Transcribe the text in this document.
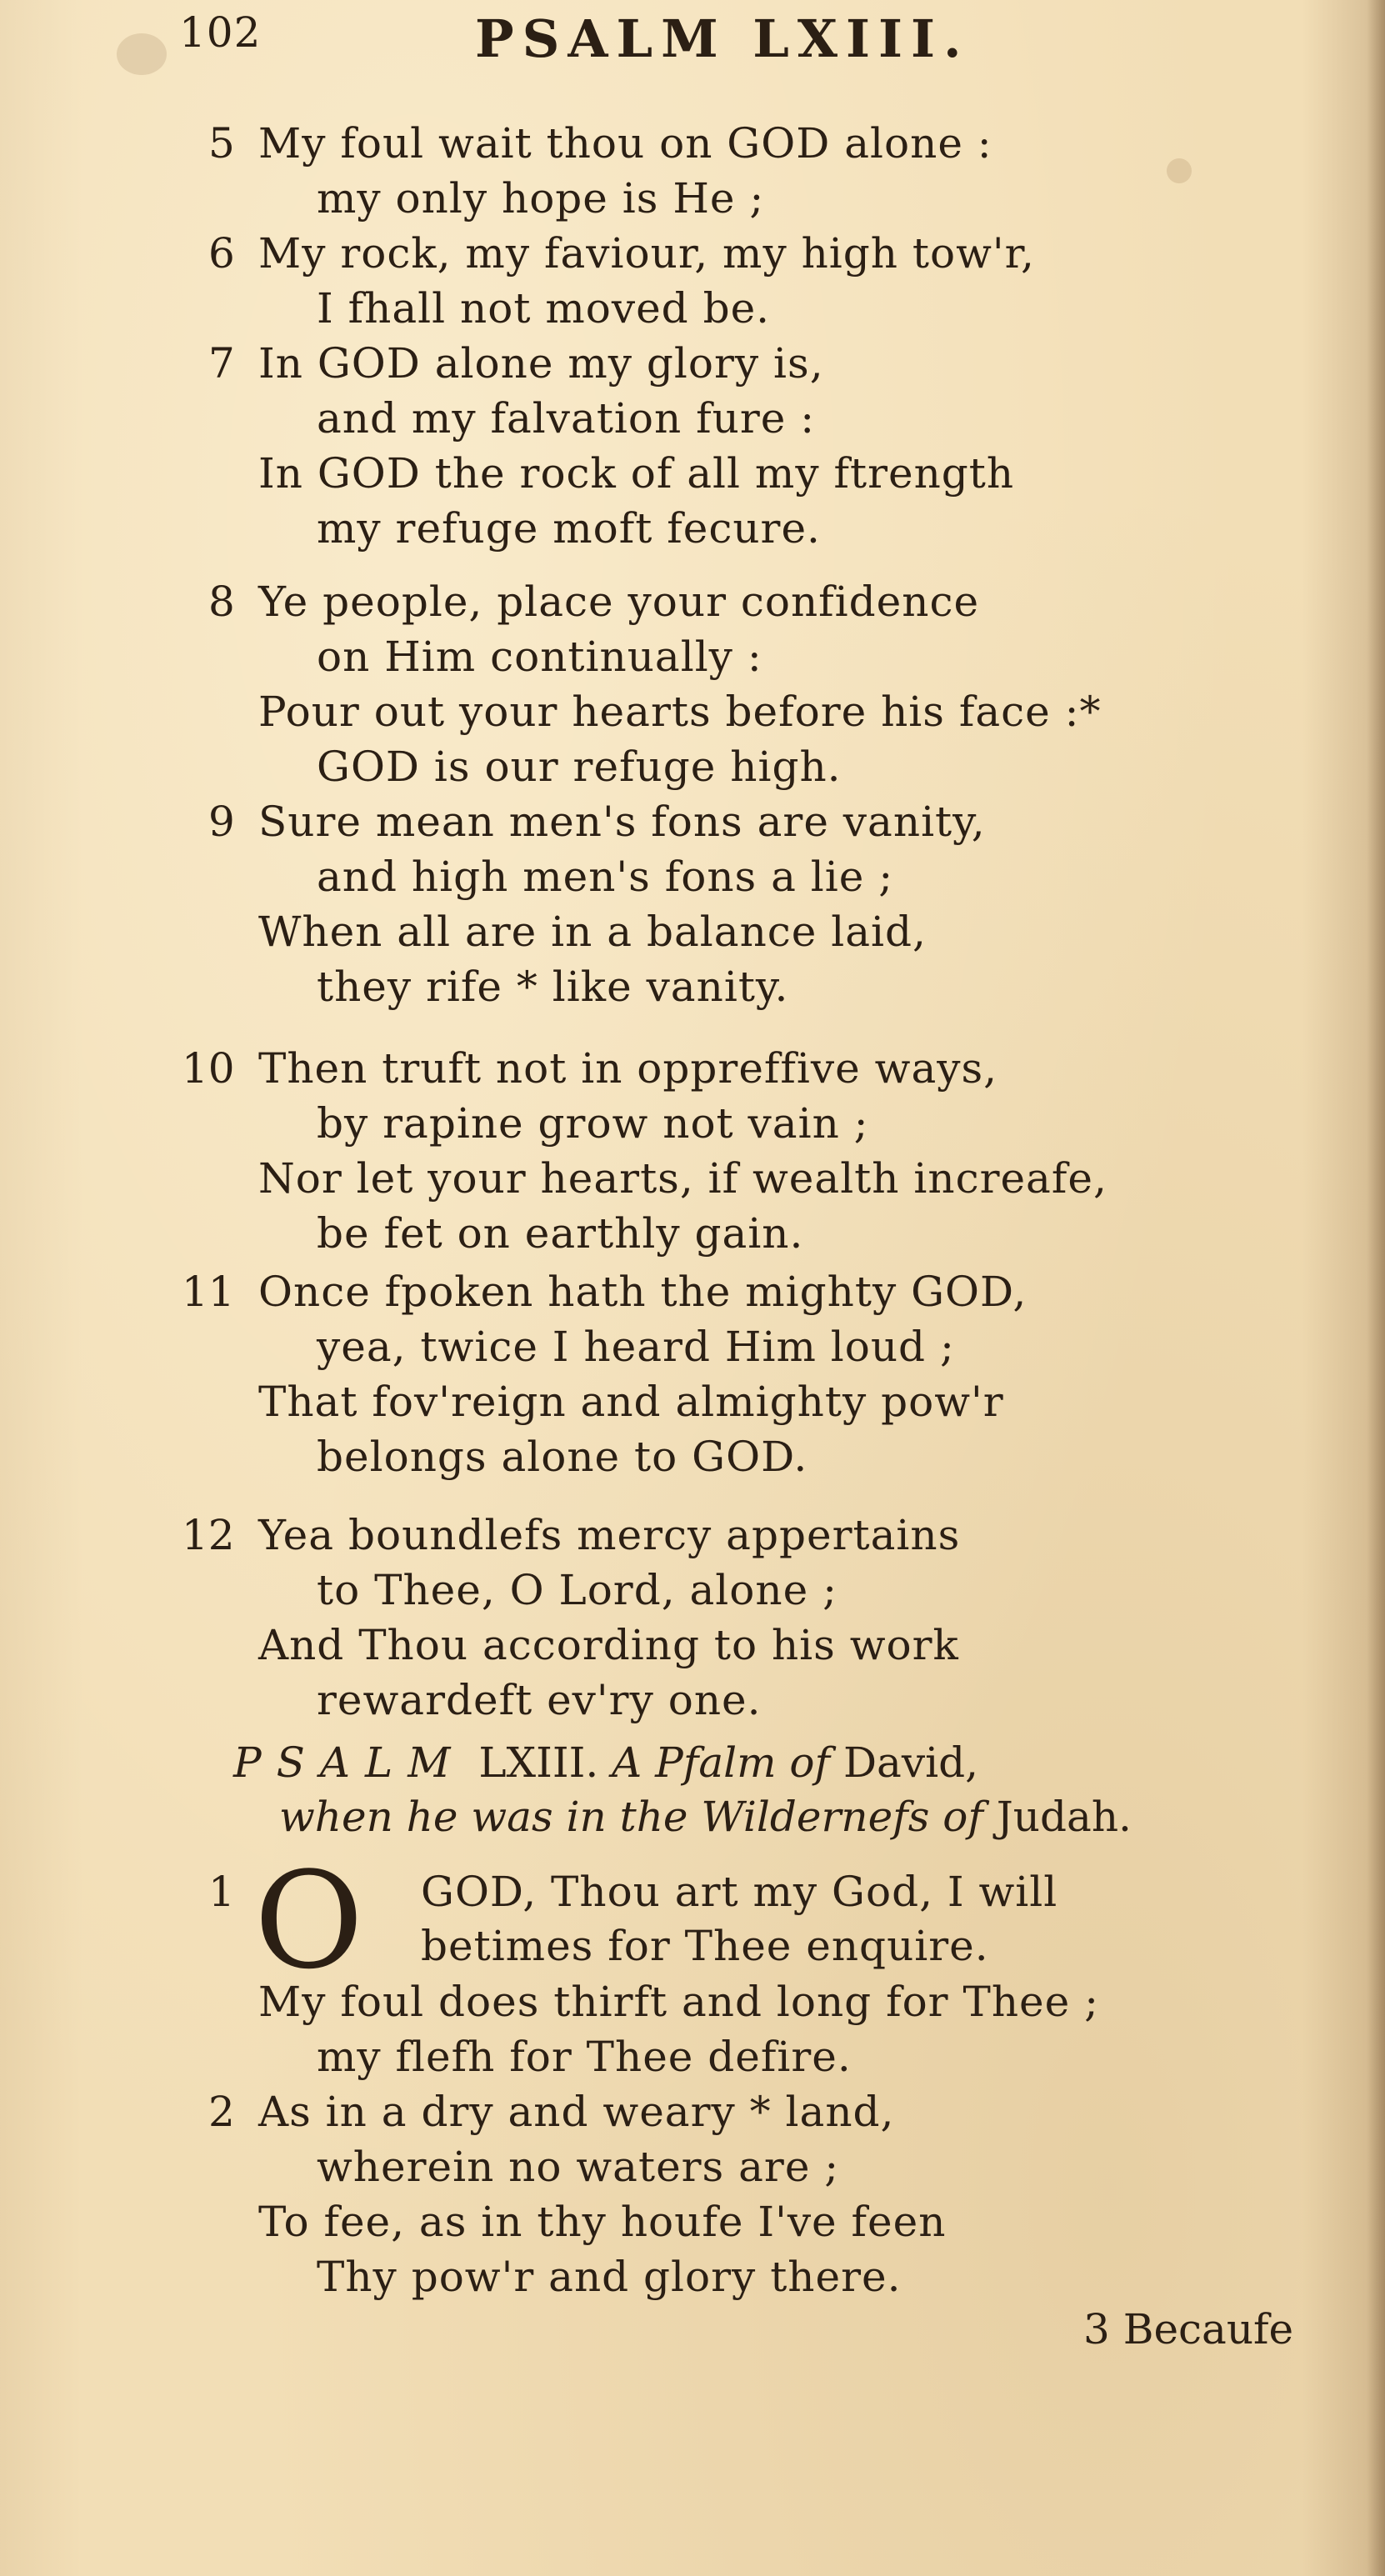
102	PSALM LXIII.
5 My foul wait thou on GOD alone :
my only hope is He ;
6 My rock, my faviour, my high tow'r,
I fhall not moved be.
7 In GOD alone my glory is,
and my falvation fure :
In GOD the rock of all my ftrength
my refuge moft fecure.
8 Ye people, place your confidence
on Him continually :
Pour out your hearts before his face :*
GOD is our refuge high.
9 Sure mean men's fons are vanity,
and high men's fons a lie ;
When all are in a balance laid,
they rife * like vanity.
10 Then truft not in oppreffive ways,
by rapine grow not vain ;
Nor let your hearts, if wealth increafe,
be fet on earthly gain.
11 Once fpoken hath the mighty GOD,
yea, twice I heard Him loud ;
That fov'reign and almighty pow'r
belongs alone to GOD.
12 Yea boundlefs mercy appertains
to Thee, O Lord, alone ;
And Thou according to his work
rewardeft ev'ry one.
PSALM LXIII. A Pfalm of David,
when he was in the Wildernefs of Judah.
1 O GOD, Thou art my God, I will
betimes for Thee enquire.
My foul does thirft and long for Thee ;
my flefh for Thee defire.
2 As in a dry and weary * land,
wherein no waters are ;
To fee, as in thy houfe I've feen
Thy pow'r and glory there.
3 Becaufe
